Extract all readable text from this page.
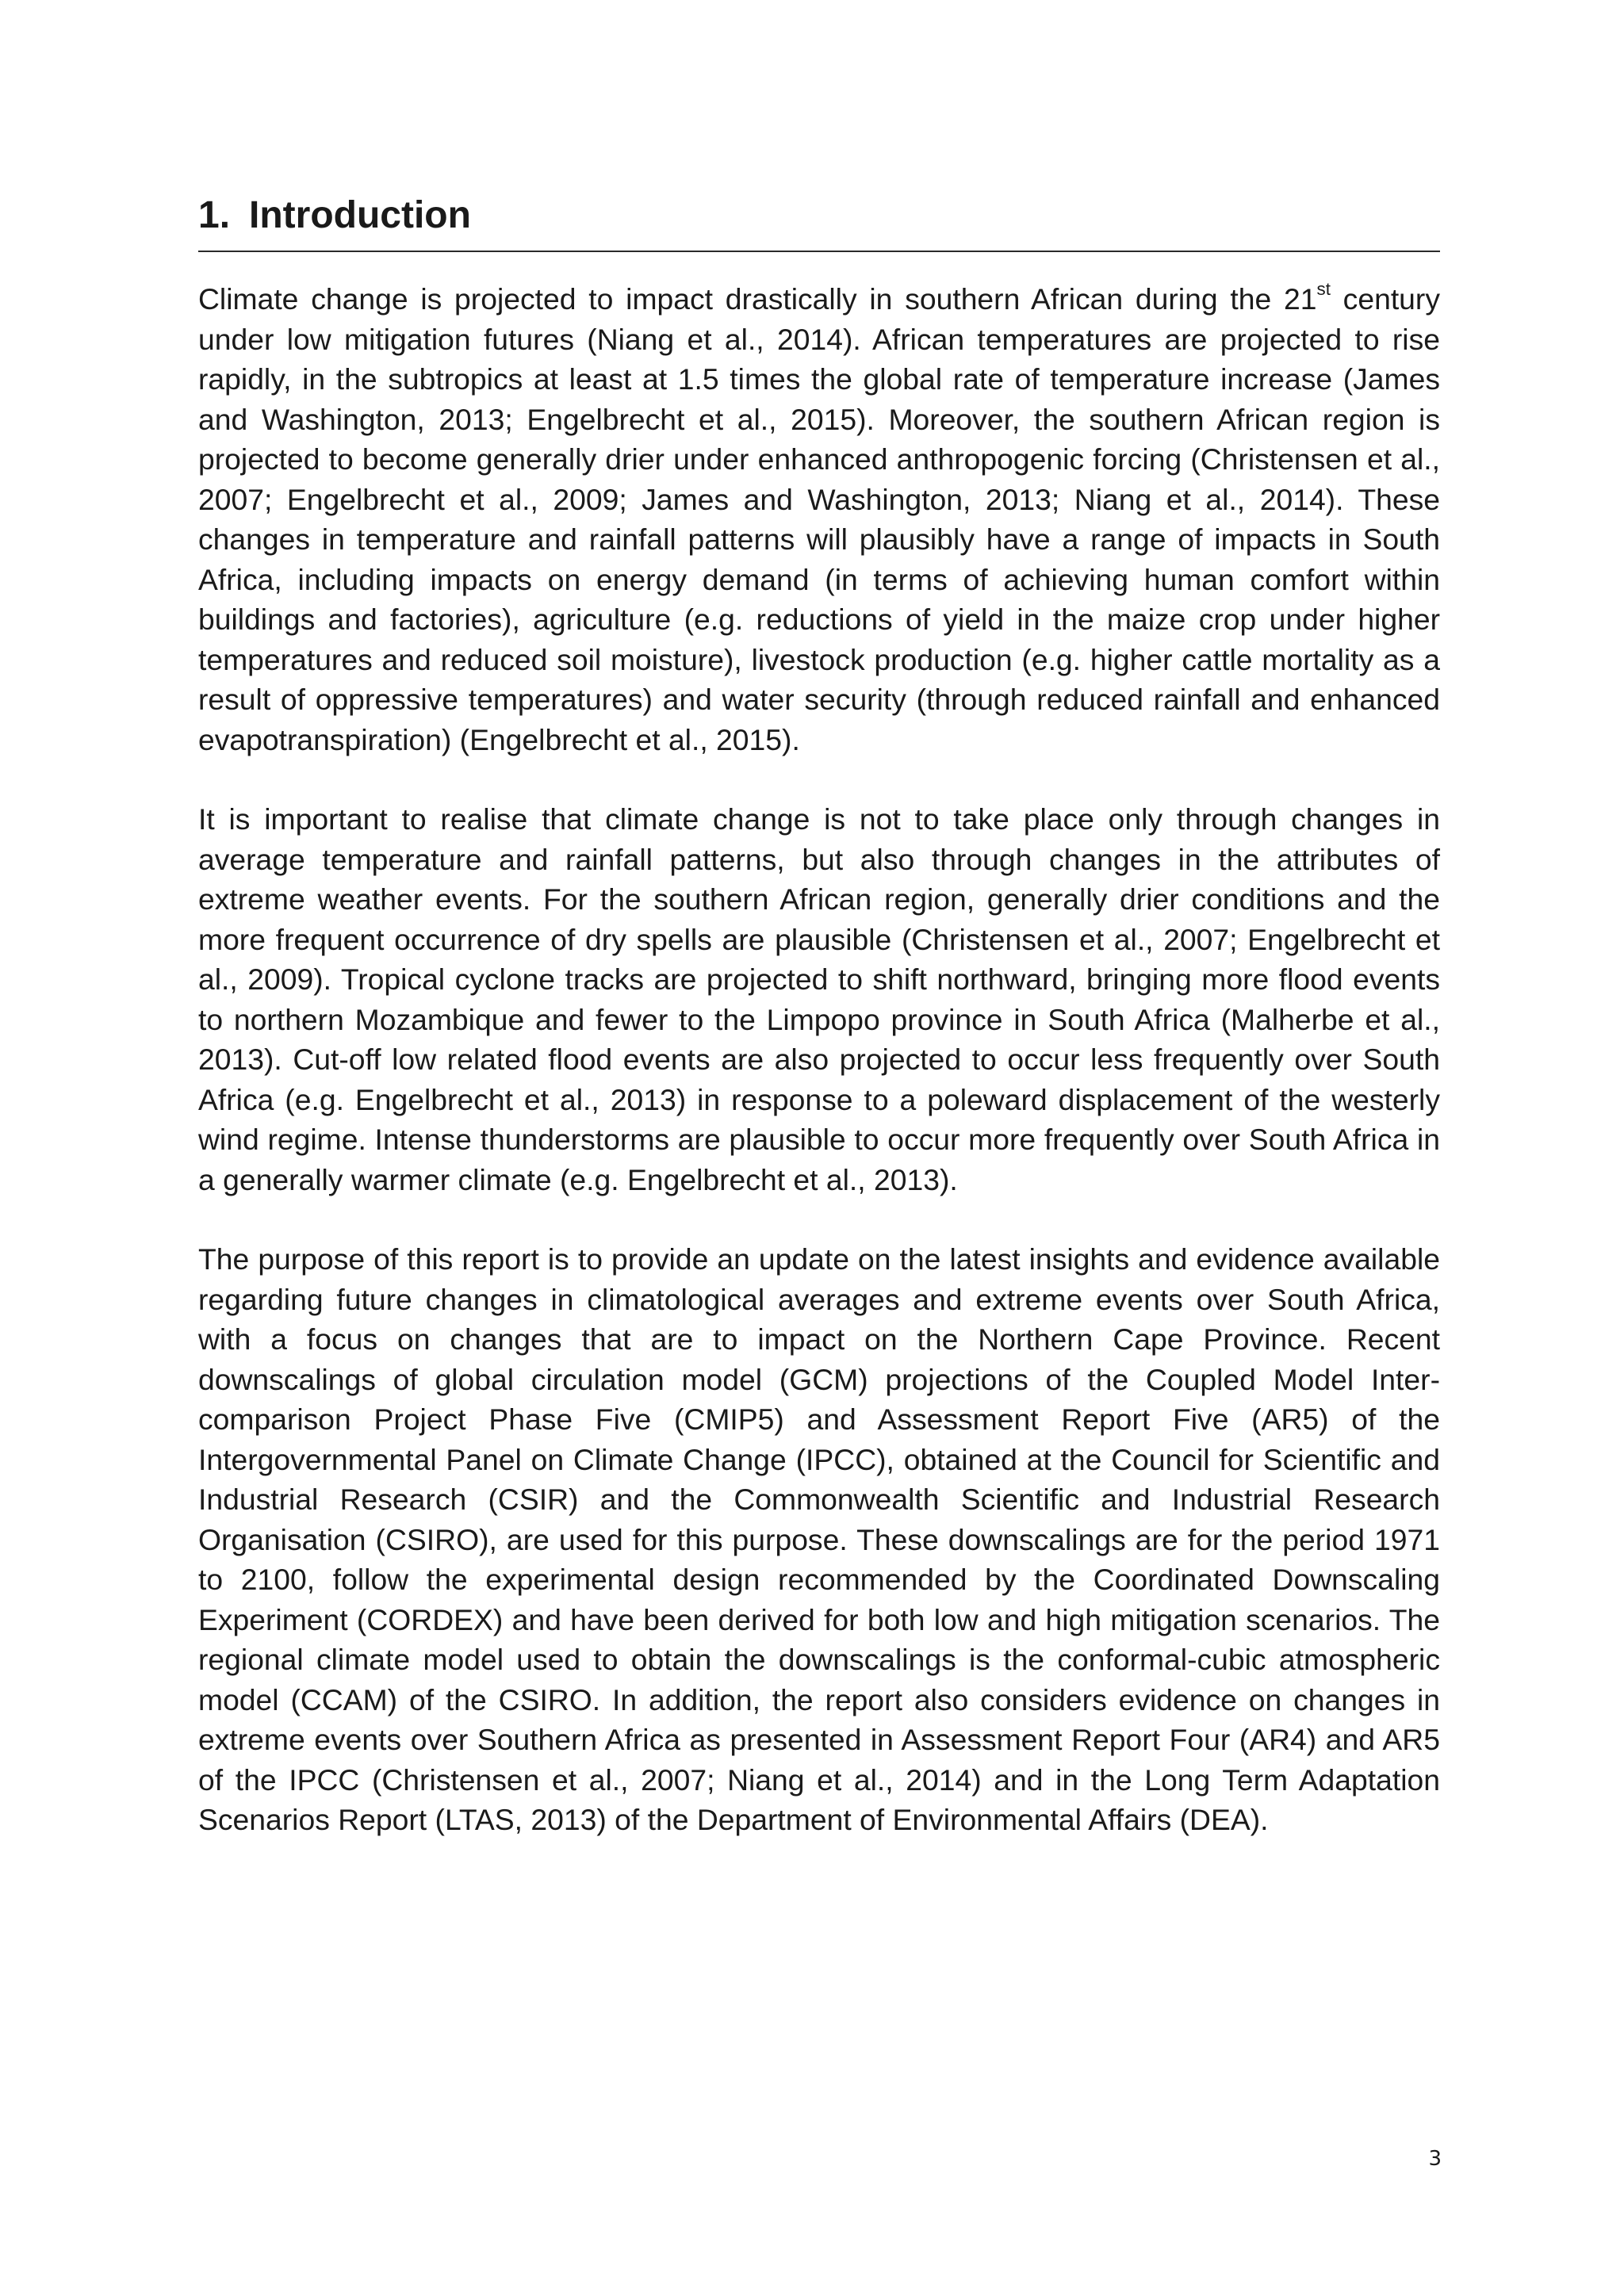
1. Introduction

Climate change is projected to impact drastically in southern African during the 21st century under low mitigation futures (Niang et al., 2014). African temperatures are projected to rise rapidly, in the subtropics at least at 1.5 times the global rate of temperature increase (James and Washington, 2013; Engelbrecht et al., 2015). Moreover, the southern African region is projected to become generally drier under enhanced anthropogenic forcing (Christensen et al., 2007; Engelbrecht et al., 2009; James and Washington, 2013; Niang et al., 2014). These changes in temperature and rainfall patterns will plausibly have a range of impacts in South Africa, including impacts on energy demand (in terms of achieving human comfort within buildings and factories), agriculture (e.g. reductions of yield in the maize crop under higher temperatures and reduced soil moisture), livestock production (e.g. higher cattle mortality as a result of oppressive temperatures) and water security (through reduced rainfall and enhanced evapotranspiration) (Engelbrecht et al., 2015).

It is important to realise that climate change is not to take place only through changes in average temperature and rainfall patterns, but also through changes in the attributes of extreme weather events. For the southern African region, generally drier conditions and the more frequent occurrence of dry spells are plausible (Christensen et al., 2007; Engelbrecht et al., 2009). Tropical cyclone tracks are projected to shift northward, bringing more flood events to northern Mozambique and fewer to the Limpopo province in South Africa (Malherbe et al., 2013). Cut-off low related flood events are also projected to occur less frequently over South Africa (e.g. Engelbrecht et al., 2013) in response to a poleward displacement of the westerly wind regime. Intense thunderstorms are plausible to occur more frequently over South Africa in a generally warmer climate (e.g. Engelbrecht et al., 2013).

The purpose of this report is to provide an update on the latest insights and evidence available regarding future changes in climatological averages and extreme events over South Africa, with a focus on changes that are to impact on the Northern Cape Province. Recent downscalings of global circulation model (GCM) projections of the Coupled Model Inter-comparison Project Phase Five (CMIP5) and Assessment Report Five (AR5) of the Intergovernmental Panel on Climate Change (IPCC), obtained at the Council for Scientific and Industrial Research (CSIR) and the Commonwealth Scientific and Industrial Research Organisation (CSIRO), are used for this purpose. These downscalings are for the period 1971 to 2100, follow the experimental design recommended by the Coordinated Downscaling Experiment (CORDEX) and have been derived for both low and high mitigation scenarios. The regional climate model used to obtain the downscalings is the conformal-cubic atmospheric model (CCAM) of the CSIRO. In addition, the report also considers evidence on changes in extreme events over Southern Africa as presented in Assessment Report Four (AR4) and AR5 of the IPCC (Christensen et al., 2007; Niang et al., 2014) and in the Long Term Adaptation Scenarios Report (LTAS, 2013) of the Department of Environmental Affairs (DEA).

3
